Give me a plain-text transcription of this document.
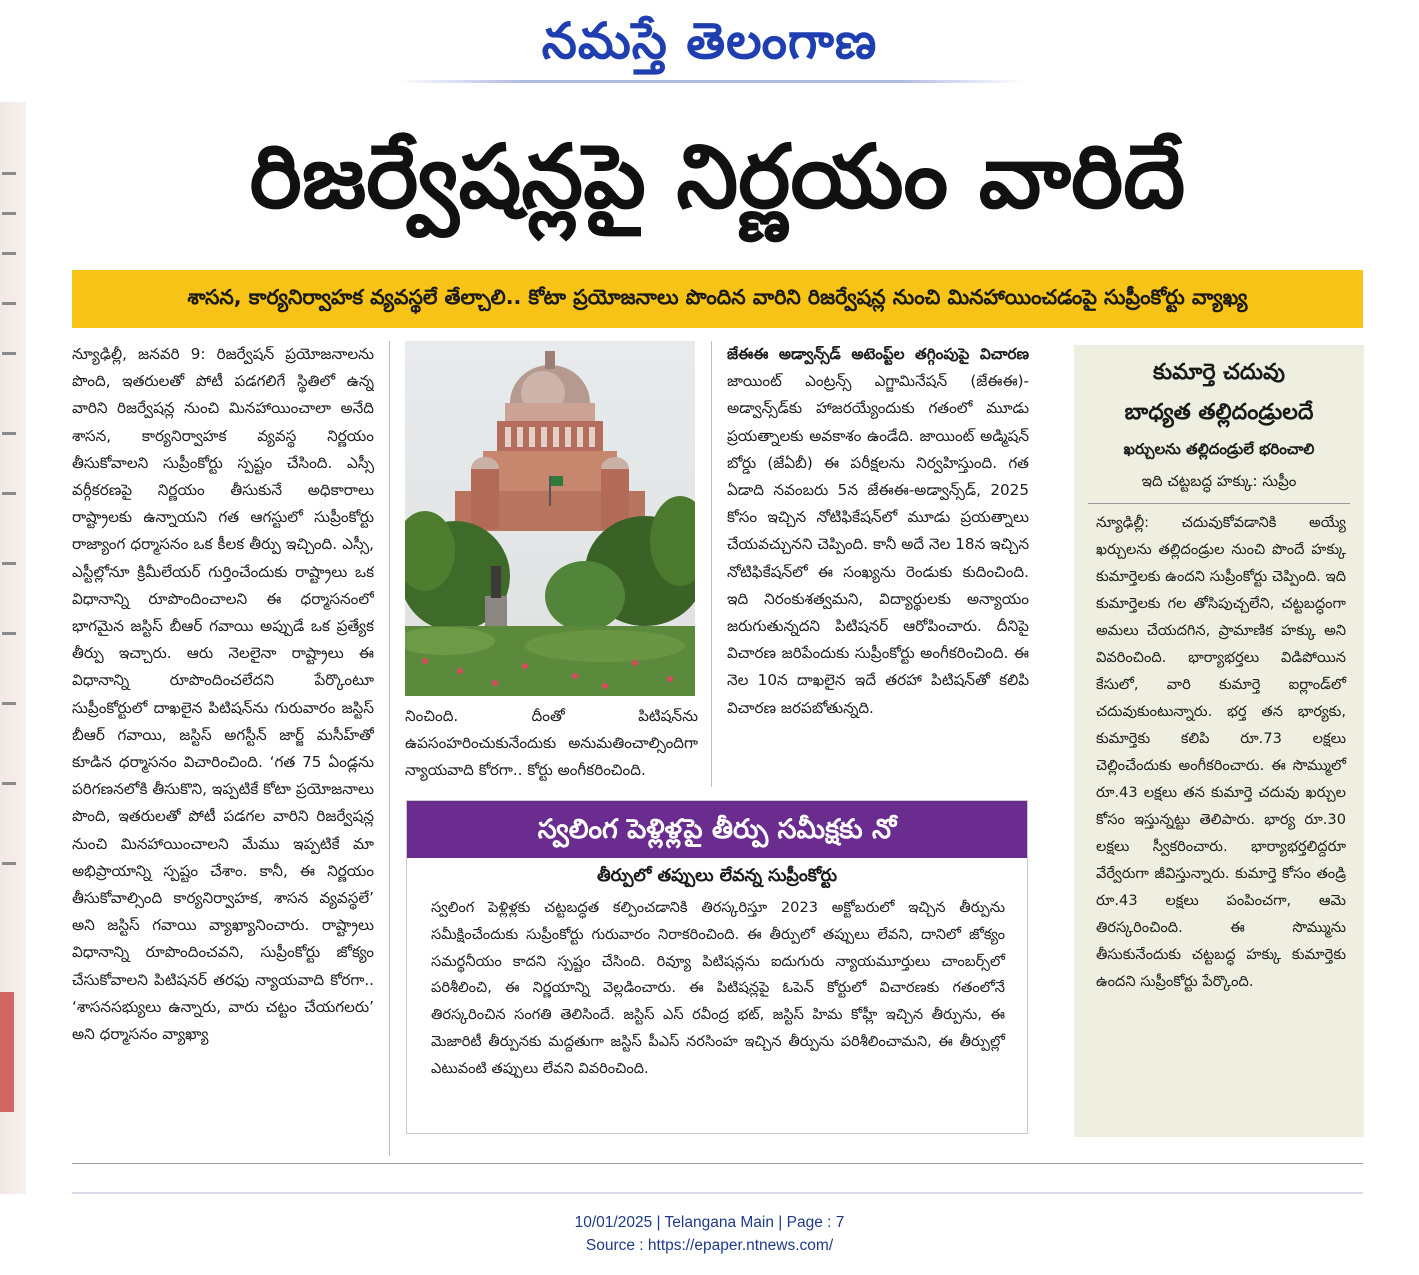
నమస్తే తెలంగాణ
రిజర్వేషన్లపై నిర్ణయం వారిదే
శాసన, కార్యనిర్వాహక వ్యవస్థలే తేల్చాలి.. కోటా ప్రయోజనాలు పొందిన వారిని రిజర్వేషన్ల నుంచి మినహాయించడంపై సుప్రీంకోర్టు వ్యాఖ్య
న్యూఢిల్లీ, జనవరి 9: రిజర్వేషన్ ప్రయోజనాలను పొంది, ఇతరులతో పోటీ పడగలిగే స్థితిలో ఉన్న వారిని రిజర్వేషన్ల నుంచి మినహాయించాలా అనేది శాసన, కార్యనిర్వాహక వ్యవస్థ నిర్ణయం తీసుకోవాలని సుప్రీంకోర్టు స్పష్టం చేసింది. ఎస్సీ వర్గీకరణపై నిర్ణయం తీసుకునే అధికారాలు రాష్ట్రాలకు ఉన్నాయని గత ఆగస్టులో సుప్రీంకోర్టు రాజ్యాంగ ధర్మాసనం ఒక కీలక తీర్పు ఇచ్చింది. ఎస్సీ, ఎస్టీల్లోనూ క్రిమీలేయర్ గుర్తించేందుకు రాష్ట్రాలు ఒక విధానాన్ని రూపొందించాలని ఈ ధర్మాసనంలో భాగమైన జస్టిస్ బీఆర్ గవాయి అప్పుడే ఒక ప్రత్యేక తీర్పు ఇచ్చారు. ఆరు నెలలైనా రాష్ట్రాలు ఈ విధానాన్ని రూపొందించలేదని పేర్కొంటూ సుప్రీంకోర్టులో దాఖలైన పిటిషన్‌ను గురువారం జస్టిస్ బీఆర్ గవాయి, జస్టిస్ అగస్టీన్ జార్జ్ మసీహ్‌తో కూడిన ధర్మాసనం విచారించింది. ‘గత 75 ఏండ్లను పరిగణనలోకి తీసుకొని, ఇప్పటికే కోటా ప్రయోజనాలు పొంది, ఇతరులతో పోటీ పడగల వారిని రిజర్వేషన్ల నుంచి మినహాయించాలని మేము ఇప్పటికే మా అభిప్రాయాన్ని స్పష్టం చేశాం. కానీ, ఈ నిర్ణయం తీసుకోవాల్సింది కార్యనిర్వాహక, శాసన వ్యవస్థలే’ అని జస్టిస్ గవాయి వ్యాఖ్యానించారు. రాష్ట్రాలు విధానాన్ని రూపొందించవని, సుప్రీంకోర్టు జోక్యం చేసుకోవాలని పిటిషనర్ తరఫు న్యాయవాది కోరగా.. ‘శాసనసభ్యులు ఉన్నారు, వారు చట్టం చేయగలరు’ అని ధర్మాసనం వ్యాఖ్యా
నించింది. దీంతో పిటిషన్‌ను ఉపసంహరించుకునేందుకు అనుమతించాల్సిందిగా న్యాయవాది కోరగా.. కోర్టు అంగీకరించింది.
జేఈఈ అడ్వాన్స్‌డ్ అటెంప్ట్‌ల తగ్గింపుపై విచారణ జాయింట్ ఎంట్రన్స్ ఎగ్జామినేషన్ (జేఈఈ)-అడ్వాన్స్‌డ్‌కు హాజరయ్యేందుకు గతంలో మూడు ప్రయత్నాలకు అవకాశం ఉండేది. జాయింట్ అడ్మిషన్ బోర్డు (జేఏబీ) ఈ పరీక్షలను నిర్వహిస్తుంది. గత ఏడాది నవంబరు 5న జేఈఈ-అడ్వాన్స్‌డ్, 2025 కోసం ఇచ్చిన నోటిఫికేషన్‌లో మూడు ప్రయత్నాలు చేయవచ్చునని చెప్పింది. కానీ అదే నెల 18న ఇచ్చిన నోటిఫికేషన్‌లో ఈ సంఖ్యను రెండుకు కుదించింది. ఇది నిరంకుశత్వమని, విద్యార్థులకు అన్యాయం జరుగుతున్నదని పిటిషనర్ ఆరోపించారు. దీనిపై విచారణ జరిపేందుకు సుప్రీంకోర్టు అంగీకరించింది. ఈ నెల 10న దాఖలైన ఇదే తరహా పిటిషన్‌తో కలిపి విచారణ జరపబోతున్నది.
స్వలింగ పెళ్లిళ్లపై తీర్పు సమీక్షకు నో
తీర్పులో తప్పులు లేవన్న సుప్రీంకోర్టు
స్వలింగ పెళ్లిళ్లకు చట్టబద్ధత కల్పించడానికి తిరస్కరిస్తూ 2023 అక్టోబరులో ఇచ్చిన తీర్పును సమీక్షించేందుకు సుప్రీంకోర్టు గురువారం నిరాకరించింది. ఈ తీర్పులో తప్పులు లేవని, దానిలో జోక్యం సమర్థనీయం కాదని స్పష్టం చేసింది. రివ్యూ పిటిషన్లను ఐదుగురు న్యాయమూర్తులు చాంబర్స్‌లో పరిశీలించి, ఈ నిర్ణయాన్ని వెల్లడించారు. ఈ పిటిషన్లపై ఓపెన్ కోర్టులో విచారణకు గతంలోనే తిరస్కరించిన సంగతి తెలిసిందే. జస్టిస్ ఎస్ రవీంద్ర భట్, జస్టిస్ హిమ కోహ్లీ ఇచ్చిన తీర్పును, ఈ మెజారిటీ తీర్పునకు మద్దతుగా జస్టిస్ పీఎస్ నరసింహ ఇచ్చిన తీర్పును పరిశీలించామని, ఈ తీర్పుల్లో ఎటువంటి తప్పులు లేవని వివరించింది.
కుమార్తె చదువు
బాధ్యత తల్లిదండ్రులదే
ఖర్చులను తల్లిదండ్రులే భరించాలి
ఇది చట్టబద్ధ హక్కు: సుప్రీం
న్యూఢిల్లీ: చదువుకోవడానికి అయ్యే ఖర్చులను తల్లిదండ్రుల నుంచి పొందే హక్కు కుమార్తెలకు ఉందని సుప్రీంకోర్టు చెప్పింది. ఇది కుమార్తెలకు గల తోసిపుచ్చలేని, చట్టబద్ధంగా అమలు చేయదగిన, ప్రామాణిక హక్కు అని వివరించింది. భార్యాభర్తలు విడిపోయిన కేసులో, వారి కుమార్తె ఐర్లాండ్‌లో చదువుకుంటున్నారు. భర్త తన భార్యకు, కుమార్తెకు కలిపి రూ.73 లక్షలు చెల్లించేందుకు అంగీకరించారు. ఈ సొమ్ములో రూ.43 లక్షలు తన కుమార్తె చదువు ఖర్చుల కోసం ఇస్తున్నట్టు తెలిపారు. భార్య రూ.30 లక్షలు స్వీకరించారు. భార్యాభర్తలిద్దరూ వేర్వేరుగా జీవిస్తున్నారు. కుమార్తె కోసం తండ్రి రూ.43 లక్షలు పంపించగా, ఆమె తిరస్కరించింది. ఈ సొమ్మును తీసుకునేందుకు చట్టబద్ధ హక్కు కుమార్తెకు ఉందని సుప్రీంకోర్టు పేర్కొంది.
10/01/2025 | Telangana Main | Page : 7
Source : https://epaper.ntnews.com/
